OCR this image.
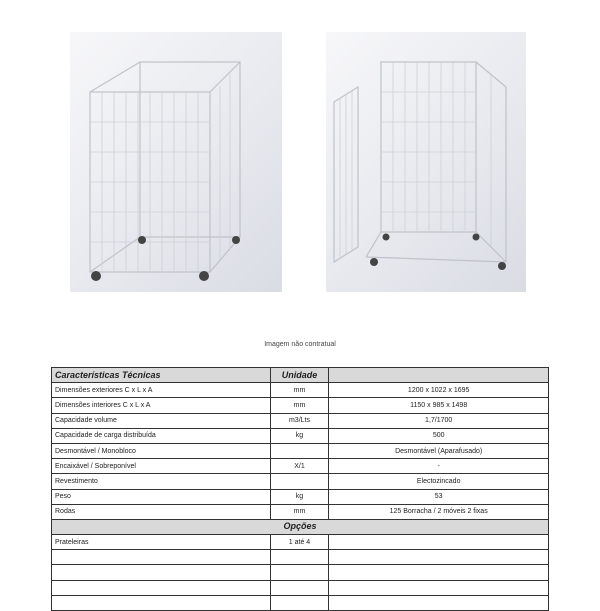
Imagem não contratual
Características Técnicas	Unidade	
Dimensões exteriores C x L x A	mm	1200 x 1022 x 1695
Dimensões interiores C x L x A	mm	1150 x 985 x 1498
Capacidade volume	m3/Lts	1,7/1700
Capacidade de carga distribuída	kg	500
Desmontável / Monobloco		Desmontável (Aparafusado)
Encaixável / Sobreponível	X/1	-
Revestimento		Electozincado
Peso	kg	53
Rodas	mm	125 Borracha / 2 móveis 2 fixas
Opções		
Prateleiras	1 até 4	
